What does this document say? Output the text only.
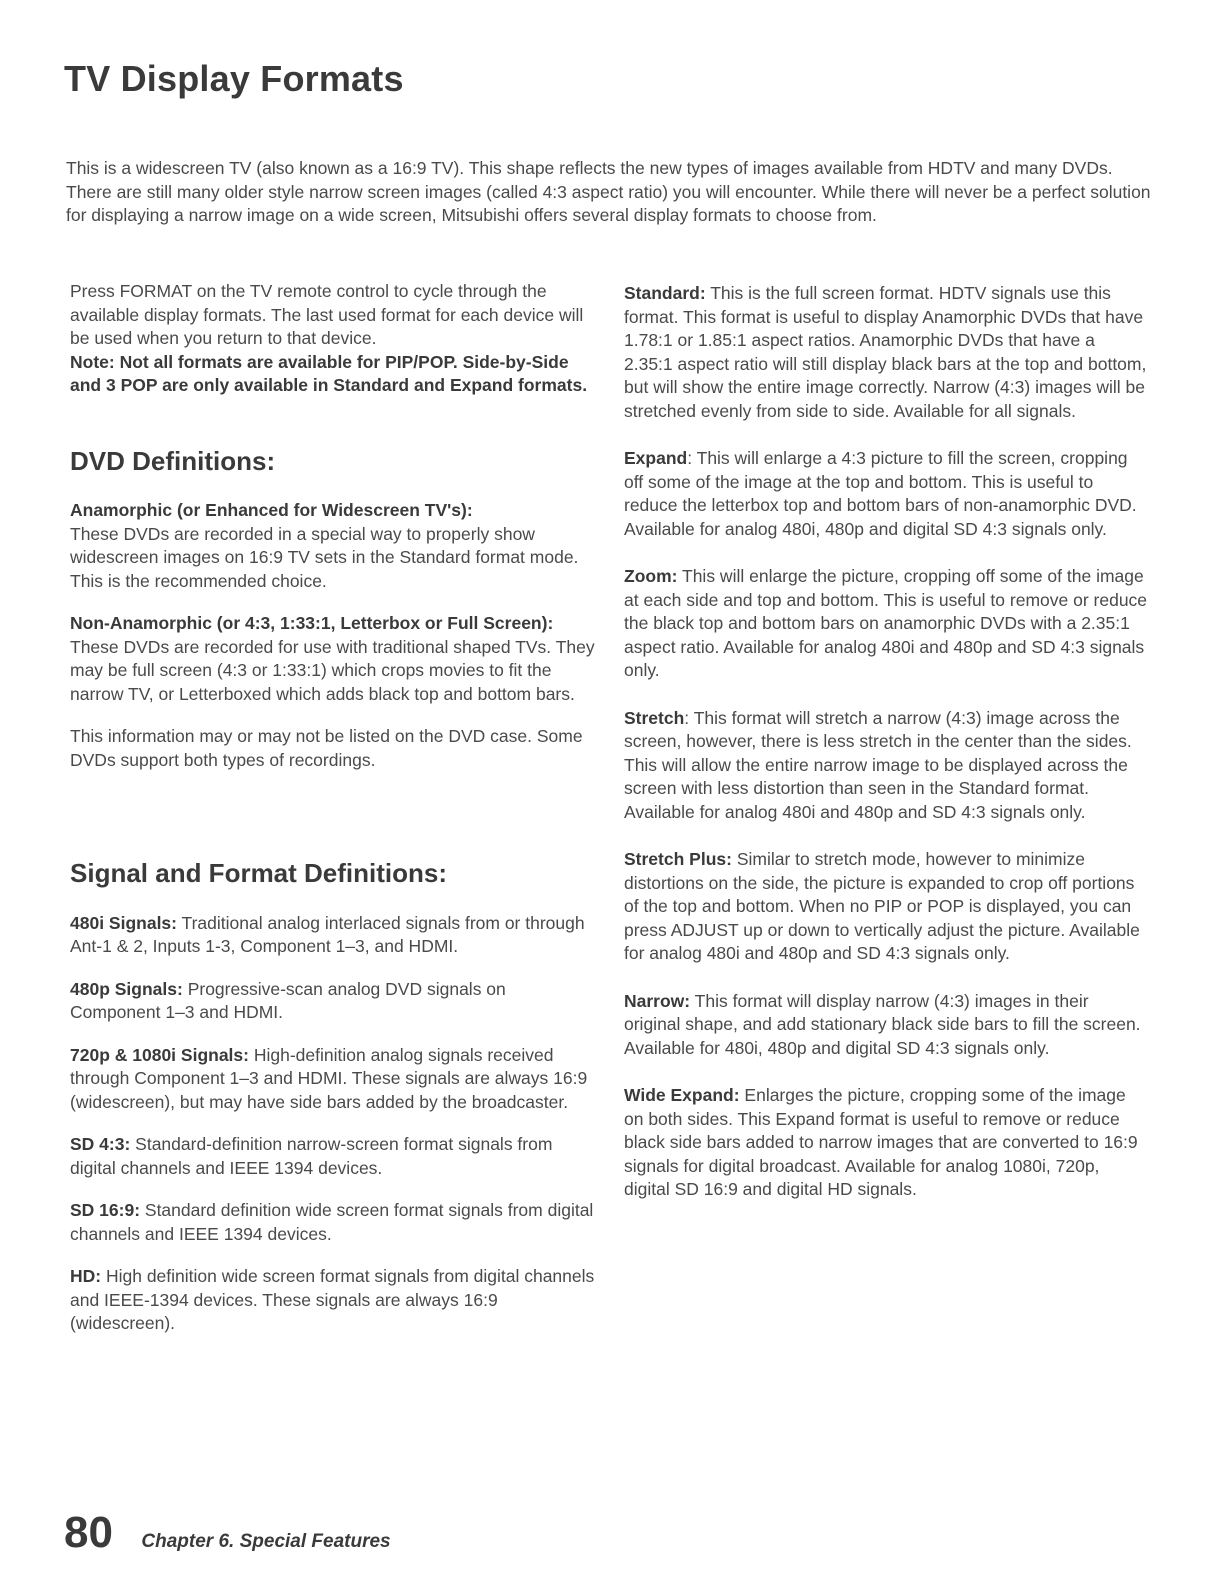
TV Display Formats

This is a widescreen TV (also known as a 16:9 TV). This shape reflects the new types of images available from HDTV and many DVDs. There are still many older style narrow screen images (called 4:3 aspect ratio) you will encounter. While there will never be a perfect solution for displaying a narrow image on a wide screen, Mitsubishi offers several display formats to choose from.

Press FORMAT on the TV remote control to cycle through the available display formats. The last used format for each device will be used when you return to that device.

Note: Not all formats are available for PIP/POP. Side-by-Side and 3 POP are only available in Standard and Expand formats.

DVD Definitions:

Anamorphic (or Enhanced for Widescreen TV's):

These DVDs are recorded in a special way to properly show widescreen images on 16:9 TV sets in the Standard format mode. This is the recommended choice.

Non-Anamorphic (or 4:3, 1:33:1, Letterbox or Full Screen):

These DVDs are recorded for use with traditional shaped TVs. They may be full screen (4:3 or 1:33:1) which crops movies to fit the narrow TV, or Letterboxed which adds black top and bottom bars.

This information may or may not be listed on the DVD case. Some DVDs support both types of recordings.

Signal and Format Definitions:

480i Signals: Traditional analog interlaced signals from or through Ant-1 & 2, Inputs 1-3, Component 1–3, and HDMI.

480p Signals: Progressive-scan analog DVD signals on Component 1–3 and HDMI.

720p & 1080i Signals: High-definition analog signals received through Component 1–3 and HDMI. These signals are always 16:9 (widescreen), but may have side bars added by the broadcaster.

SD 4:3: Standard-definition narrow-screen format signals from digital channels and IEEE 1394 devices.

SD 16:9: Standard definition wide screen format signals from digital channels and IEEE 1394 devices.

HD: High definition wide screen format signals from digital channels and IEEE-1394 devices. These signals are always 16:9 (widescreen).

Standard: This is the full screen format. HDTV signals use this format. This format is useful to display Anamorphic DVDs that have 1.78:1 or 1.85:1 aspect ratios. Anamorphic DVDs that have a 2.35:1 aspect ratio will still display black bars at the top and bottom, but will show the entire image correctly. Narrow (4:3) images will be stretched evenly from side to side. Available for all signals.

Expand: This will enlarge a 4:3 picture to fill the screen, cropping off some of the image at the top and bottom. This is useful to reduce the letterbox top and bottom bars of non-anamorphic DVD. Available for analog 480i, 480p and digital SD 4:3 signals only.

Zoom: This will enlarge the picture, cropping off some of the image at each side and top and bottom. This is useful to remove or reduce the black top and bottom bars on anamorphic DVDs with a 2.35:1 aspect ratio. Available for analog 480i and 480p and SD 4:3 signals only.

Stretch: This format will stretch a narrow (4:3) image across the screen, however, there is less stretch in the center than the sides. This will allow the entire narrow image to be displayed across the screen with less distortion than seen in the Standard format. Available for analog 480i and 480p and SD 4:3 signals only.

Stretch Plus: Similar to stretch mode, however to minimize distortions on the side, the picture is expanded to crop off portions of the top and bottom. When no PIP or POP is displayed, you can press ADJUST up or down to vertically adjust the picture. Available for analog 480i and 480p and SD 4:3 signals only.

Narrow: This format will display narrow (4:3) images in their original shape, and add stationary black side bars to fill the screen. Available for 480i, 480p and digital SD 4:3 signals only.

Wide Expand: Enlarges the picture, cropping some of the image on both sides. This Expand format is useful to remove or reduce black side bars added to narrow images that are converted to 16:9 signals for digital broadcast. Available for analog 1080i, 720p, digital SD 16:9 and digital HD signals.

80 Chapter 6. Special Features
